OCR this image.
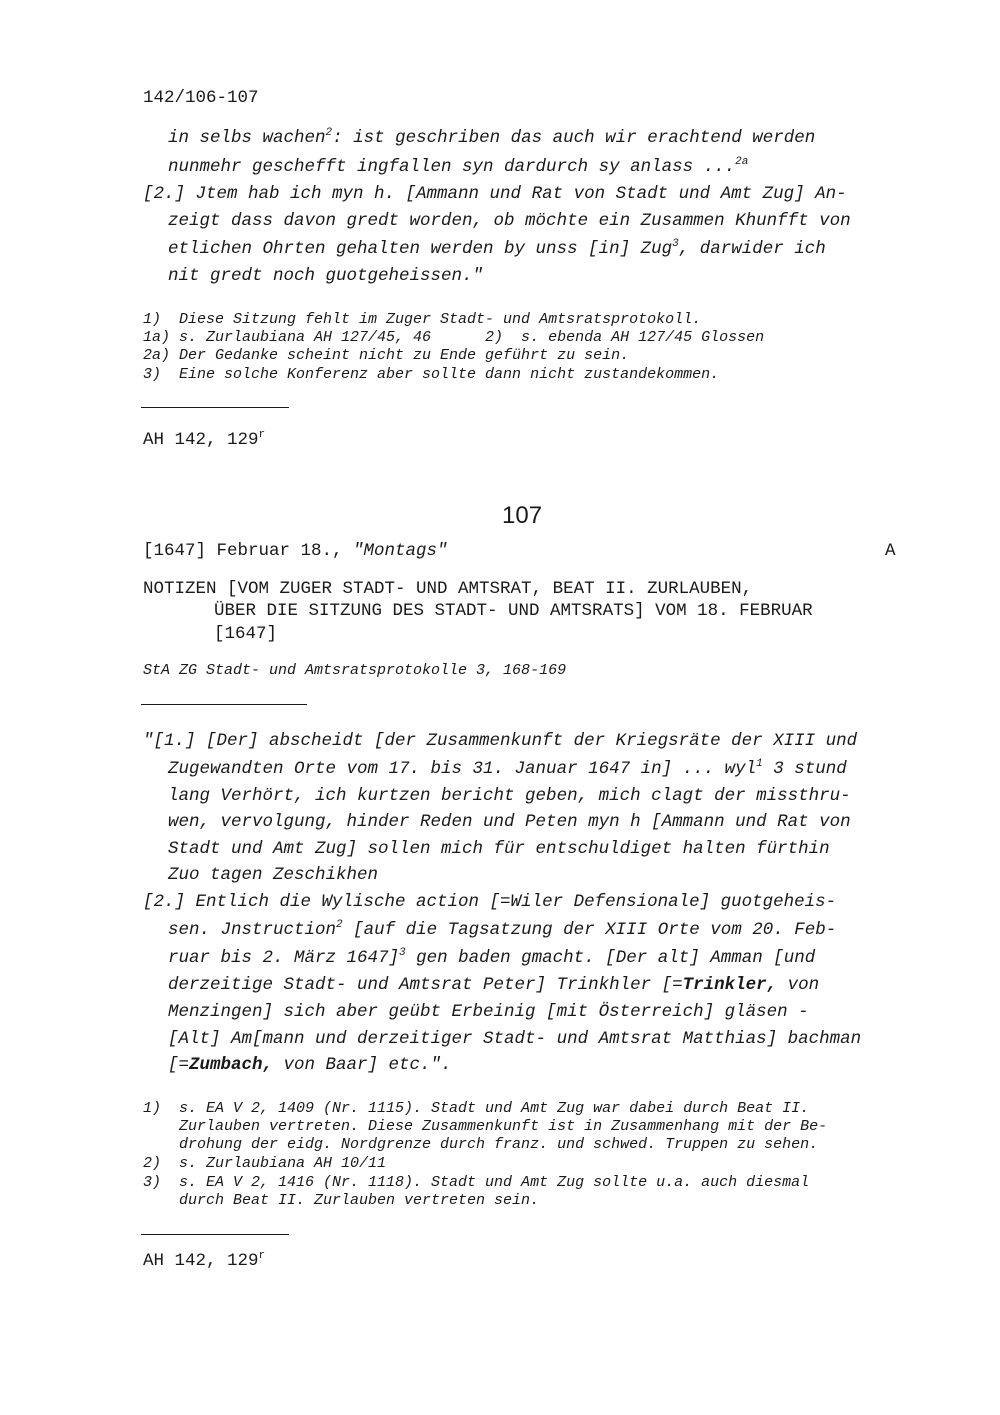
142/106-107
in selbs wachen$^2$: ist geschriben das auch wir erachtend werden
nunmehr geschefft ingfallen syn dardurch sy anlass ...$^{2a}$
[2.] Jtem hab ich myn h. [Ammann und Rat von Stadt und Amt Zug] An-
zeigt dass davon gredt worden, ob möchte ein Zusammen Khunfft von
etlichen Ohrten gehalten werden by unss [in] Zug$^3$, darwider ich
nit gredt noch guotgeheissen."
1)  Diese Sitzung fehlt im Zuger Stadt- und Amtsratsprotokoll.
1a) s. Zurlaubiana AH 127/45, 46      2)  s. ebenda AH 127/45 Glossen
2a) Der Gedanke scheint nicht zu Ende geführt zu sein.
3)  Eine solche Konferenz aber sollte dann nicht zustandekommen.
AH 142, 129$^r$
107
[1647] Februar 18., "Montags"	A
NOTIZEN [VOM ZUGER STADT- UND AMTSRAT, BEAT II. ZURLAUBEN,
ÜBER DIE SITZUNG DES STADT- UND AMTSRATS] VOM 18. FEBRUAR
[1647]
StA ZG Stadt- und Amtsratsprotokolle 3, 168-169
"[1.] [Der] abscheidt [der Zusammenkunft der Kriegsräte der XIII und
Zugewandten Orte vom 17. bis 31. Januar 1647 in] ... wyl$^1$ 3 stund
lang Verhört, ich kurtzen bericht geben, mich clagt der missthru-
wen, vervolgung, hinder Reden und Peten myn h [Ammann und Rat von
Stadt und Amt Zug] sollen mich für entschuldiget halten fürthin
Zuo tagen Zeschikhen
[2.] Entlich die Wylische action [=Wiler Defensionale] guotgeheis-
sen. Jnstruction$^2$ [auf die Tagsatzung der XIII Orte vom 20. Feb-
ruar bis 2. März 1647]$^3$ gen baden gmacht. [Der alt] Amman [und
derzeitige Stadt- und Amtsrat Peter] Trinkhler [=Trinkler, von
Menzingen] sich aber geübt Erbeinig [mit Österreich] gläsen -
[Alt] Am[mann und derzeitiger Stadt- und Amtsrat Matthias] bachman
[=Zumbach, von Baar] etc.".
1)  s. EA V 2, 1409 (Nr. 1115). Stadt und Amt Zug war dabei durch Beat II.
Zurlauben vertreten. Diese Zusammenkunft ist in Zusammenhang mit der Be-
drohung der eidg. Nordgrenze durch franz. und schwed. Truppen zu sehen.
2)  s. Zurlaubiana AH 10/11
3)  s. EA V 2, 1416 (Nr. 1118). Stadt und Amt Zug sollte u.a. auch diesmal
durch Beat II. Zurlauben vertreten sein.
AH 142, 129$^r$
